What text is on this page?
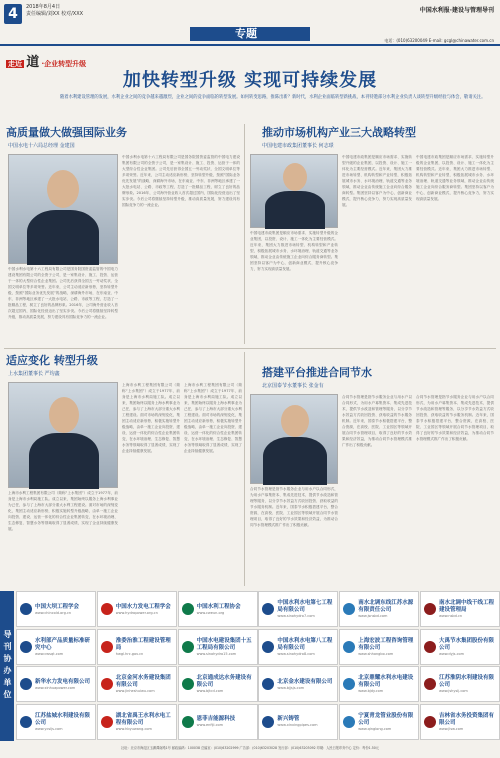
4	2018年8月4日
责任编辑/刘XX 校对/XXX
专题
中国水利报·建设与管理导刊
电话：(010)63200049 E-mail: gcgl@chinawater.com.cn
走近 道 ·企业转型升级
加快转型升级 实现可持续发展
随着水利建设管理的发展，水利企业之间的竞争越来越激烈，企业之间的竞争面临的转型发展。如何转变思路，推陈出新？新时代，水利企业面临转型新挑战，本刊特邀部分水利企业负责人谈转型升级经验与体会，敬请关注。
高质量做大做强国际业务
中国水电十六局总经理 金建国
中国水利水电第十六工程局有限公司是国务院国资委监管的中国电力建设集团有限公司的全资子公司，是一家集设计、施工、投资、运营于一体的大型综合性企业集团。公司先后获得全国五一劳动奖状、全国文明单位等多项荣誉。近年来，公司主动适应新形势，坚持转型升级，按照“国际业务优先发展”的战略，深耕海外市场，在东南亚、中东、非洲等地区承建了一大批水电站、公路、市政等工程，打造了一批精品工程，树立了良好的品牌形象。2016年，公司海外营业收入首次超过国内，国际化经营迈出了坚实步伐。今后公司将继续坚持转型升级，推动高质量发展，努力建设具有国际竞争力的一流企业。
中国水利水电第十六工程局有限公司是国务院国资委监管的中国电力建设集团有限公司的全资子公司，是一家集设计、施工、投资、运营于一体的大型综合性企业集团。公司先后获得全国五一劳动奖状、全国文明单位等多项荣誉。近年来，公司主动适应新形势，坚持转型升级，按照“国际业务优先发展”的战略，深耕海外市场，在东南亚、中东、非洲等地区承建了一大批水电站、公路、市政等工程，打造了一批精品工程，树立了良好的品牌形象。2016年，公司海外营业收入首次超过国内，国际化经营迈出了坚实步伐。今后公司将继续坚持转型升级，推动高质量发展，努力建设具有国际竞争力的一流企业。
推动市场机构产业三大战略转型
中国电建市政集团董事长 何志璟
中国电建市政集团是顺应市场需求、实施转型升级的企业集团，以投资、设计、施工一体化为主要经营模式。近年来，集团大力推进市场转型、机构转型和产业转型，积极拓展城市水务、水环境治理、轨道交通等业务领域，推动企业由传统施工企业向综合服务商转型。集团坚持以客户为中心，创新商业模式，提升核心竞争力，努力实现高质量发展。
中国电建市政集团是顺应市场需求、实施转型升级的企业集团，以投资、设计、施工一体化为主要经营模式。近年来，集团大力推进市场转型、机构转型和产业转型，积极拓展城市水务、水环境治理、轨道交通等业务领域，推动企业由传统施工企业向综合服务商转型。集团坚持以客户为中心，创新商业模式，提升核心竞争力，努力实现高质量发展。
中国电建市政集团是顺应市场需求、实施转型升级的企业集团，以投资、设计、施工一体化为主要经营模式。近年来，集团大力推进市场转型、机构转型和产业转型，积极拓展城市水务、水环境治理、轨道交通等业务领域，推动企业由传统施工企业向综合服务商转型。集团坚持以客户为中心，创新商业模式，提升核心竞争力，努力实现高质量发展。
适应变化 转型升级
上水集团董事长 严均鑫
上海市水利工程集团有限公司（简称“上水集团”）成立于1977年，前身是上海市水利局施工队。成立以来，集团始终以服务上海水利事业为己任，参与了上海市大部分重大水利工程建设。面对市场的深刻变化，集团主动适应新形势，积极实施转型升级战略，由单一施工企业向投资、建设、运营一体化的综合性企业集团转变，在水环境治理、生态修复、智慧水务等领域取得了显著成绩，实现了企业持续健康发展。
上海市水利工程集团有限公司（简称“上水集团”）成立于1977年，前身是上海市水利局施工队。成立以来，集团始终以服务上海水利事业为己任，参与了上海市大部分重大水利工程建设。面对市场的深刻变化，集团主动适应新形势，积极实施转型升级战略，由单一施工企业向投资、建设、运营一体化的综合性企业集团转变，在水环境治理、生态修复、智慧水务等领域取得了显著成绩，实现了企业持续健康发展。
上海市水利工程集团有限公司（简称“上水集团”）成立于1977年，前身是上海市水利局施工队。成立以来，集团始终以服务上海水利事业为己任，参与了上海市大部分重大水利工程建设。面对市场的深刻变化，集团主动适应新形势，积极实施转型升级战略，由单一施工企业向投资、建设、运营一体化的综合性企业集团转变，在水环境治理、生态修复、智慧水务等领域取得了显著成绩，实现了企业持续健康发展。
搭建平台推进合同节水
北京国泰节水董事长 张金有
合同节水管理是指节水服务企业与用水户以合同形式，为用水户募集资本、集成先进技术，提供节水改造和管理等服务，以分享节水效益方式收回投资、获取收益的节水服务机制。近年来，国泰节水积极搭建平台，整合资源，在高校、医院、工业园区等领域开展合同节水管理项目，取得了良好的节水效果和经济效益，为推动合同节水管理模式推广作出了积极贡献。
合同节水管理是指节水服务企业与用水户以合同形式，为用水户募集资本、集成先进技术，提供节水改造和管理等服务，以分享节水效益方式收回投资、获取收益的节水服务机制。近年来，国泰节水积极搭建平台，整合资源，在高校、医院、工业园区等领域开展合同节水管理项目，取得了良好的节水效果和经济效益，为推动合同节水管理模式推广作出了积极贡献。
合同节水管理是指节水服务企业与用水户以合同形式，为用水户募集资本、集成先进技术，提供节水改造和管理等服务，以分享节水效益方式收回投资、获取收益的节水服务机制。近年来，国泰节水积极搭建平台，整合资源，在高校、医院、工业园区等领域开展合同节水管理项目，取得了良好的节水效果和经济效益，为推动合同节水管理模式推广作出了积极贡献。
导刊协办单位
中国大坝工程学会
www.chincold.org.cn
中国水力发电工程学会
www.hydropower.org.cn
中国水利工程协会
www.cweun.org
中国水利水电第七工程局有限公司
www.sinohydro7.com
南水北调东线江苏水源有限责任公司
www.jsnsbd.com
南水北调中线干线工程建设管理局
www.nsbd.cn
水利部产品质量标准研究中心
www.cwsqt.com
淮委治淮工程建设管理局
hwgl.hrc.gov.cn
中国水电建设集团十五工程局有限公司
www.sinohydro15.com
中国水利水电第八工程局有限公司
www.sinohydro8.com
上海宏波工程咨询管理有限公司
www.shhongbo.com
大禹节水集团股份有限公司
www.dyjs.com
新华水力发电有限公司
www.xinhuapower.com
北京金河水务建设集团有限公司
www.jinheshuiwu.com
北京通成达水务建设有限公司
www.bjtcd.com
北京金水建设有限公司
www.bjjsjs.com
北京鼎耀水利水电建设有限公司
www.bjdy.com
江苏淮阴水利建设有限公司
www.jshyslj.com
江苏盐城水利建设有限公司
www.ycsljs.com
湖北省禹王水利水电工程有限公司
www.hbyuwang.com
恩菲吉能源科技
www.enfiji.com
新兴铸管
www.xinxingpipes.com
宁夏青龙管业股份有限公司
www.qinglong.com
吉林省水务投资集团有限公司
www.jlsw.com
社址：北京市海淀区玉渊潭南路1号 邮政编码：100038 总编室：(010)63202999 广告部：(010)63203028 发行部：(010)63203092 印刷：人民日报印务中心 定价：每份1.50元
